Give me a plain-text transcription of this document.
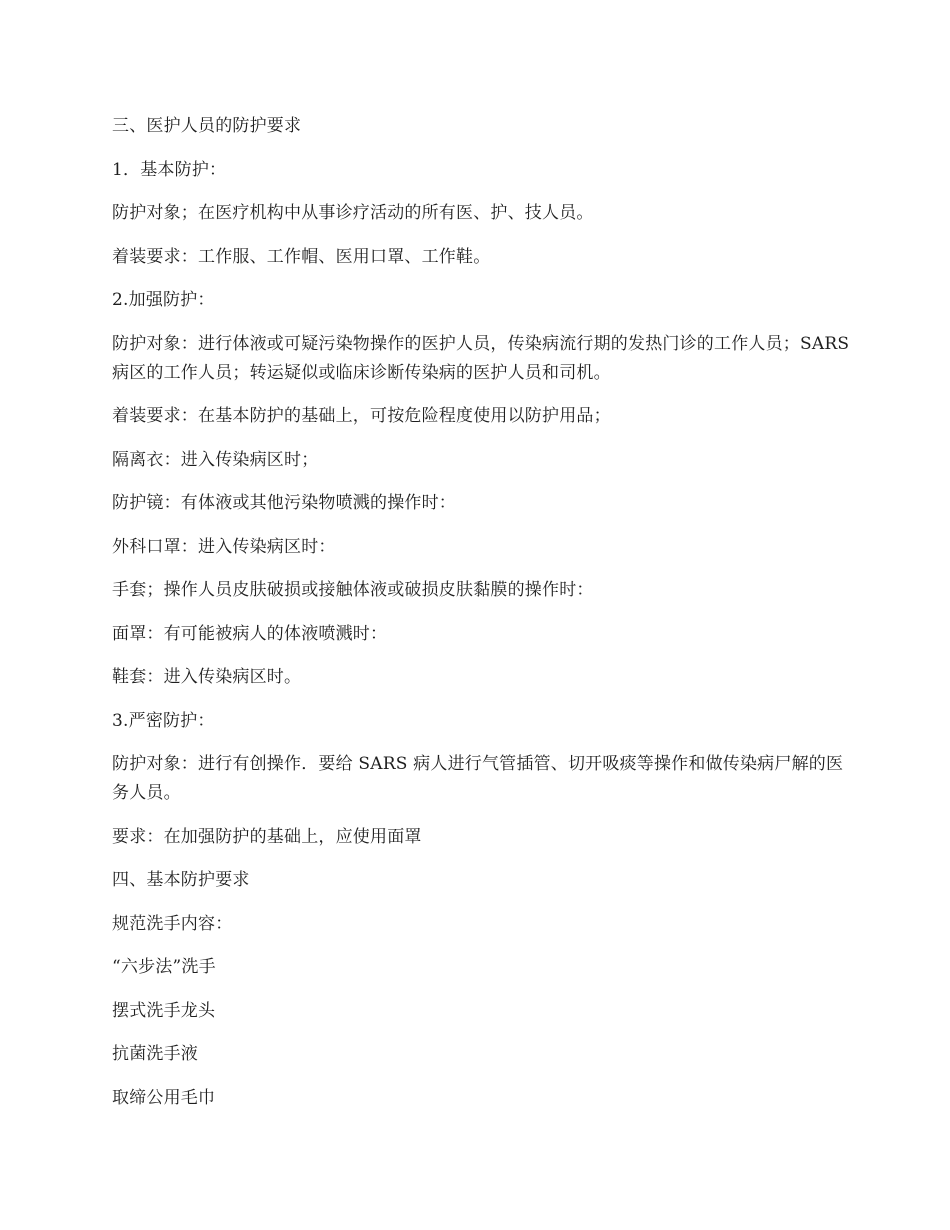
三、医护人员的防护要求

1．基本防护：

防护对象；在医疗机构中从事诊疗活动的所有医、护、技人员。

着装要求：工作服、工作帽、医用口罩、工作鞋。

2.加强防护：

防护对象：进行体液或可疑污染物操作的医护人员，传染病流行期的发热门诊的工作人员；SARS 病区的工作人员；转运疑似或临床诊断传染病的医护人员和司机。

着装要求：在基本防护的基础上，可按危险程度使用以防护用品；

隔离衣：进入传染病区时；

防护镜：有体液或其他污染物喷溅的操作时：

外科口罩：进入传染病区时：

手套；操作人员皮肤破损或接触体液或破损皮肤黏膜的操作时：

面罩：有可能被病人的体液喷溅时：

鞋套：进入传染病区时。

3.严密防护：

防护对象：进行有创操作．要给 SARS 病人进行气管插管、切开吸痰等操作和做传染病尸解的医务人员。

要求：在加强防护的基础上，应使用面罩

四、基本防护要求

规范洗手内容：

“六步法”洗手

摆式洗手龙头

抗菌洗手液

取缔公用毛巾
